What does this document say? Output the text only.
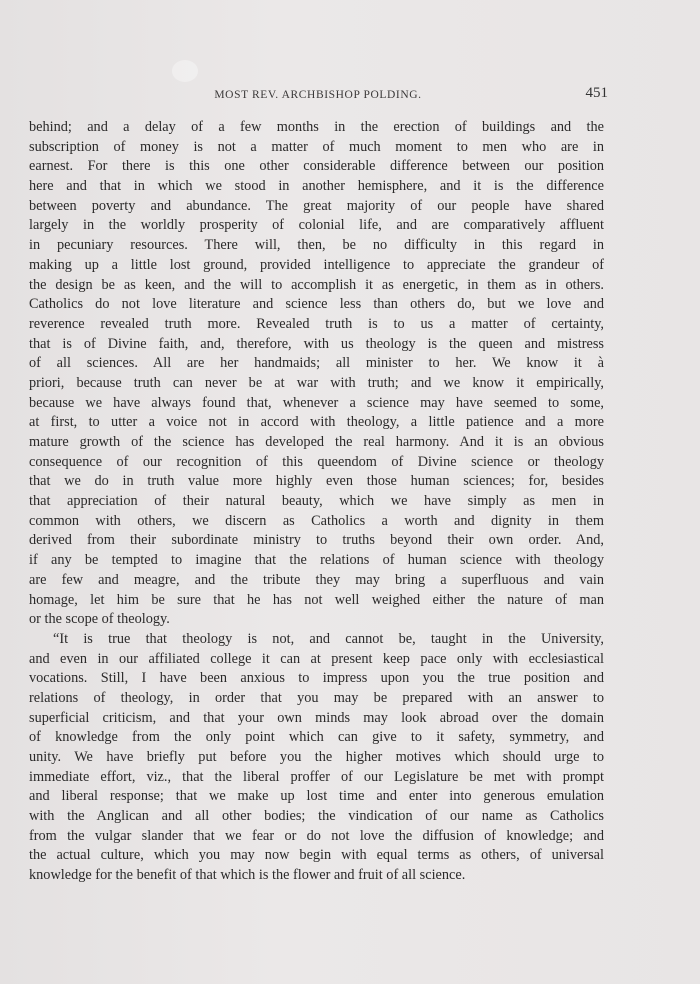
MOST REV. ARCHBISHOP POLDING.	451
behind; and a delay of a few months in the erection of buildings and the
subscription of money is not a matter of much moment to men who are in
earnest. For there is this one other considerable difference between our position
here and that in which we stood in another hemisphere, and it is the difference
between poverty and abundance. The great majority of our people have shared
largely in the worldly prosperity of colonial life, and are comparatively affluent
in pecuniary resources. There will, then, be no difficulty in this regard in
making up a little lost ground, provided intelligence to appreciate the grandeur of
the design be as keen, and the will to accomplish it as energetic, in them as in others.
Catholics do not love literature and science less than others do, but we love and
reverence revealed truth more. Revealed truth is to us a matter of certainty,
that is of Divine faith, and, therefore, with us theology is the queen and mistress
of all sciences. All are her handmaids; all minister to her. We know it à
priori, because truth can never be at war with truth; and we know it empirically,
because we have always found that, whenever a science may have seemed to some,
at first, to utter a voice not in accord with theology, a little patience and a more
mature growth of the science has developed the real harmony. And it is an obvious
consequence of our recognition of this queendom of Divine science or theology
that we do in truth value more highly even those human sciences; for, besides
that appreciation of their natural beauty, which we have simply as men in
common with others, we discern as Catholics a worth and dignity in them
derived from their subordinate ministry to truths beyond their own order. And,
if any be tempted to imagine that the relations of human science with theology
are few and meagre, and the tribute they may bring a superfluous and vain
homage, let him be sure that he has not well weighed either the nature of man
or the scope of theology.
“It is true that theology is not, and cannot be, taught in the University,
and even in our affiliated college it can at present keep pace only with ecclesiastical
vocations. Still, I have been anxious to impress upon you the true position and
relations of theology, in order that you may be prepared with an answer to
superficial criticism, and that your own minds may look abroad over the domain
of knowledge from the only point which can give to it safety, symmetry, and
unity. We have briefly put before you the higher motives which should urge to
immediate effort, viz., that the liberal proffer of our Legislature be met with prompt
and liberal response; that we make up lost time and enter into generous emulation
with the Anglican and all other bodies; the vindication of our name as Catholics
from the vulgar slander that we fear or do not love the diffusion of knowledge; and
the actual culture, which you may now begin with equal terms as others, of universal
knowledge for the benefit of that which is the flower and fruit of all science.
